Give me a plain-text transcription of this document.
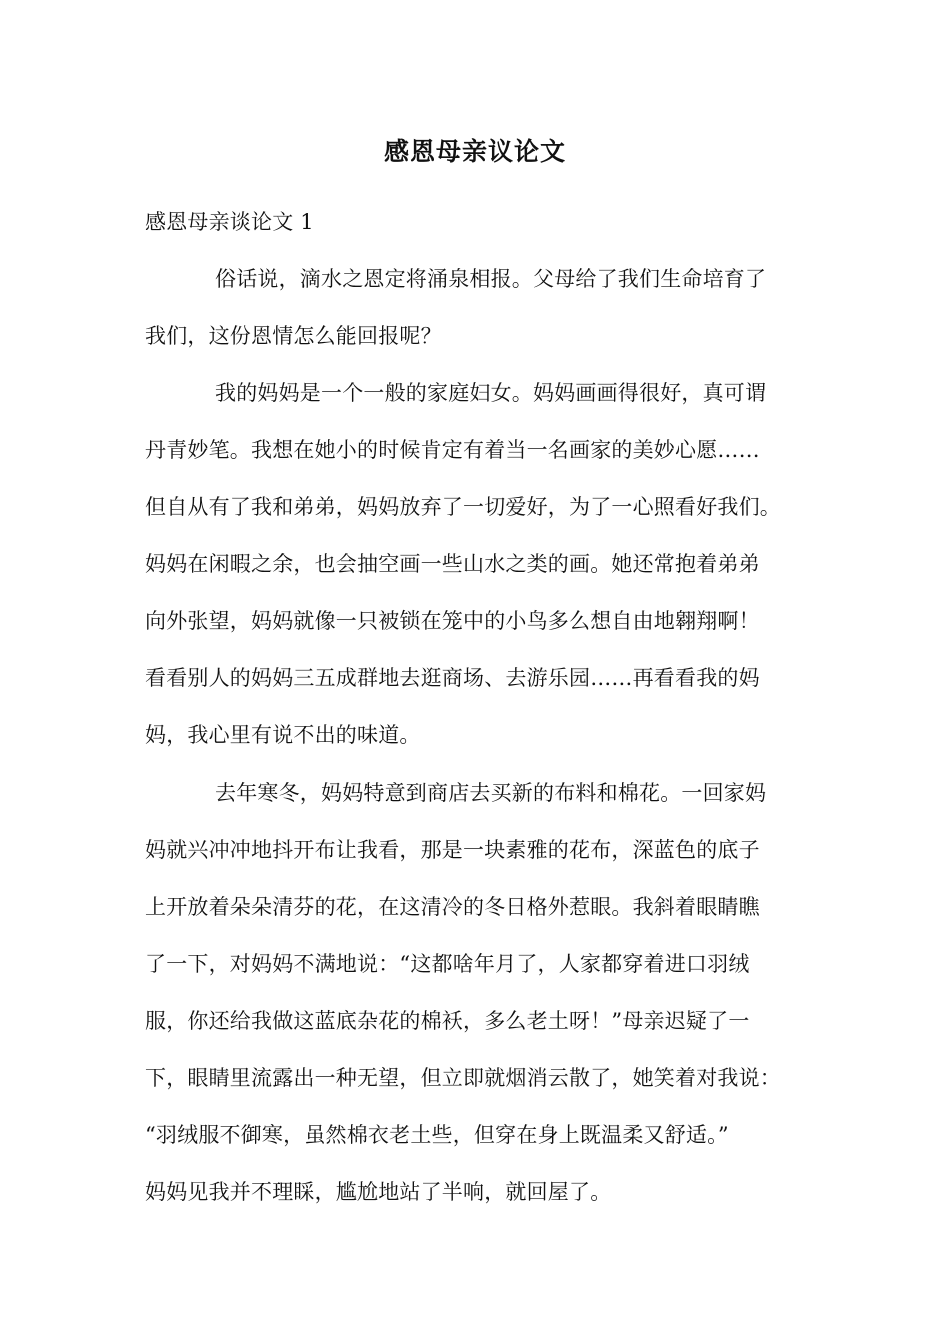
感恩母亲议论文
感恩母亲谈论文 1
俗话说，滴水之恩定将涌泉相报。父母给了我们生命培育了
我们，这份恩情怎么能回报呢？
我的妈妈是一个一般的家庭妇女。妈妈画画得很好，真可谓
丹青妙笔。我想在她小的时候肯定有着当一名画家的美妙心愿……
但自从有了我和弟弟，妈妈放弃了一切爱好，为了一心照看好我们。
妈妈在闲暇之余，也会抽空画一些山水之类的画。她还常抱着弟弟
向外张望，妈妈就像一只被锁在笼中的小鸟多么想自由地翱翔啊！
看看别人的妈妈三五成群地去逛商场、去游乐园……再看看我的妈
妈，我心里有说不出的味道。
去年寒冬，妈妈特意到商店去买新的布料和棉花。一回家妈
妈就兴冲冲地抖开布让我看，那是一块素雅的花布，深蓝色的底子
上开放着朵朵清芬的花，在这清冷的冬日格外惹眼。我斜着眼睛瞧
了一下，对妈妈不满地说：“这都啥年月了，人家都穿着进口羽绒
服，你还给我做这蓝底杂花的棉袄，多么老土呀！”母亲迟疑了一
下，眼睛里流露出一种无望，但立即就烟消云散了，她笑着对我说：
“羽绒服不御寒，虽然棉衣老土些，但穿在身上既温柔又舒适。”
妈妈见我并不理睬，尴尬地站了半响，就回屋了。
